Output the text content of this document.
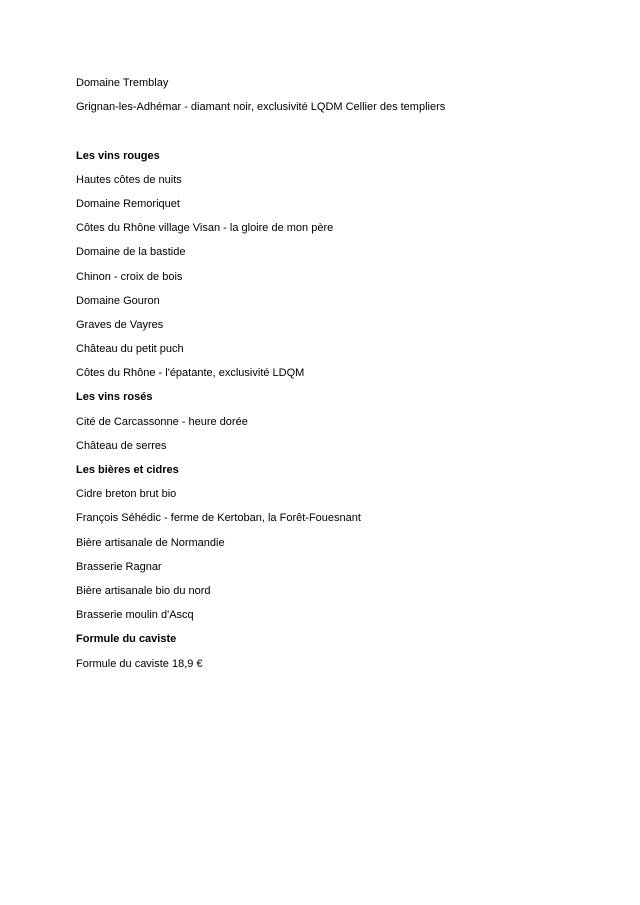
Domaine Tremblay
Grignan-les-Adhémar - diamant noir, exclusivité LQDM Cellier des templiers
Les vins rouges
Hautes côtes de nuits
Domaine Remoriquet
Côtes du Rhône village Visan - la gloire de mon père
Domaine de la bastide
Chinon - croix de bois
Domaine Gouron
Graves de Vayres
Château du petit puch
Côtes du Rhône - l'épatante, exclusivité LDQM
Les vins rosés
Cité de Carcassonne - heure dorée
Château de serres
Les bières et cidres
Cidre breton brut bio
François Séhédic - ferme de Kertoban, la Forêt-Fouesnant
Bière artisanale de Normandie
Brasserie Ragnar
Bière artisanale bio du nord
Brasserie moulin d'Ascq
Formule du caviste
Formule du caviste 18,9 €
